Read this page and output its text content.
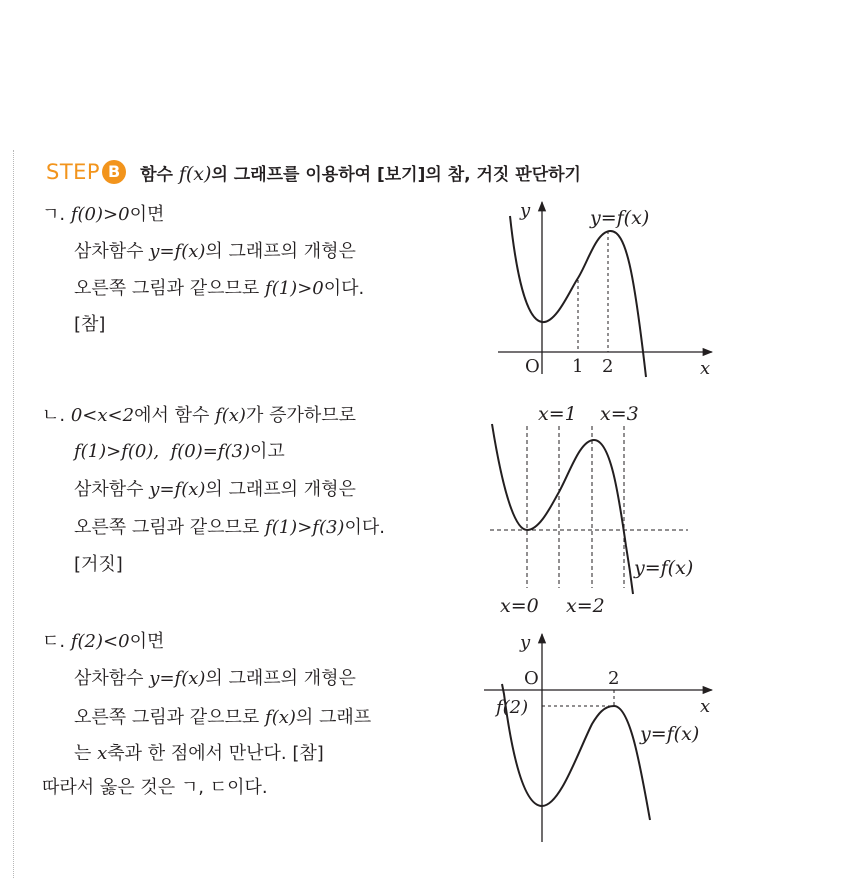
STEP B	함수 f(x)의 그래프를 이용하여 [보기]의 참, 거짓 판단하기
ㄱ. f(0)>0이면
삼차함수 y=f(x)의 그래프의 개형은
오른쪽 그림과 같으므로 f(1)>0이다.
[참]
ㄴ. 0<x<2에서 함수 f(x)가 증가하므로
f(1)>f(0),  f(0)=f(3)이고
삼차함수 y=f(x)의 그래프의 개형은
오른쪽 그림과 같으므로 f(1)>f(3)이다.
[거짓]
ㄷ. f(2)<0이면
삼차함수 y=f(x)의 그래프의 개형은
오른쪽 그림과 같으므로 f(x)의 그래프
는 x축과 한 점에서 만난다. [참]
따라서 옳은 것은 ㄱ, ㄷ이다.
y
x
O 1 2
y=f(x)
x=1 x=3
x=0 x=2
y=f(x)
y
x
O	2
f(2)
y=f(x)
